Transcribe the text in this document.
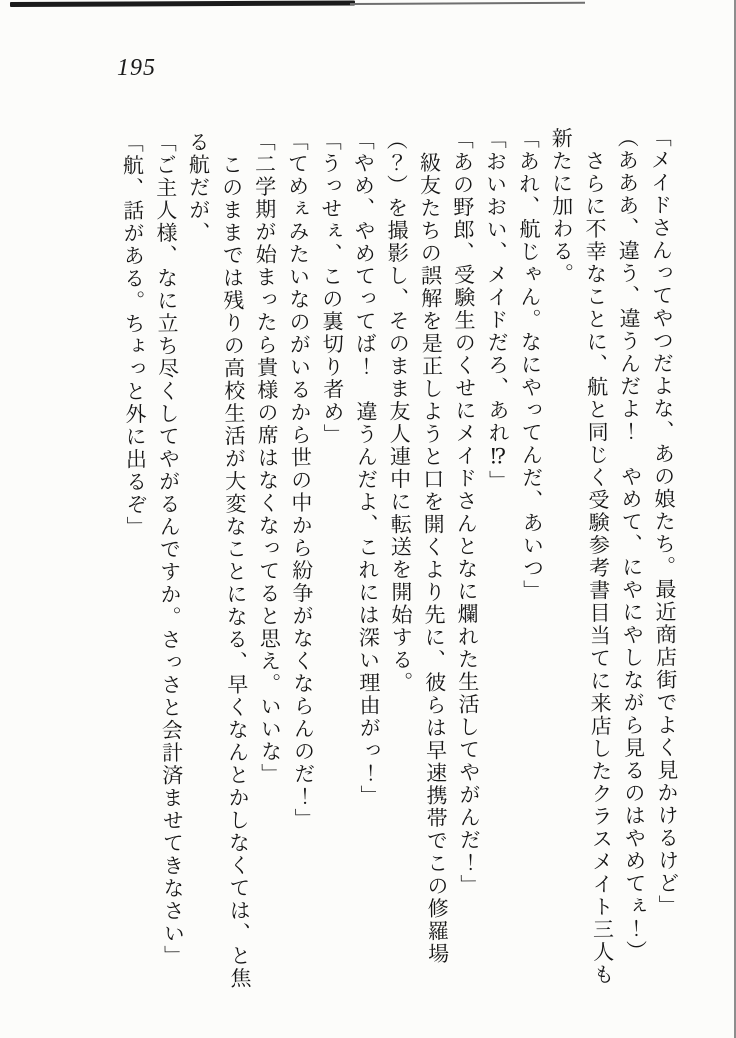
195

「メイドさんってやつだよな、あの娘たち。最近商店街でよく見かけるけど」

（あああ、違う、違うんだよ！　やめて、にやにやしながら見るのはやめてぇ！）

さらに不幸なことに、航と同じく受験参考書目当てに来店したクラスメイト三人も

新たに加わる。

「あれ、航じゃん。なにやってんだ、あいつ」

「おいおい、メイドだろ、あれ⁉」

「あの野郎、受験生のくせにメイドさんとなに爛れた生活してやがんだ！」

級友たちの誤解を是正しようと口を開くより先に、彼らは早速携帯でこの修羅場

（？）を撮影し、そのまま友人連中に転送を開始する。

「やめ、やめてってば！　違うんだよ、これには深い理由がっ！」

「うっせぇ、この裏切り者め」

「てめぇみたいなのがいるから世の中から紛争がなくならんのだ！」

「二学期が始まったら貴様の席はなくなってると思え。いいな」

このままでは残りの高校生活が大変なことになる、早くなんとかしなくては、と焦

る航だが、

「ご主人様、なに立ち尽くしてやがるんですか。さっさと会計済ませてきなさい」

「航、話がある。ちょっと外に出るぞ」
